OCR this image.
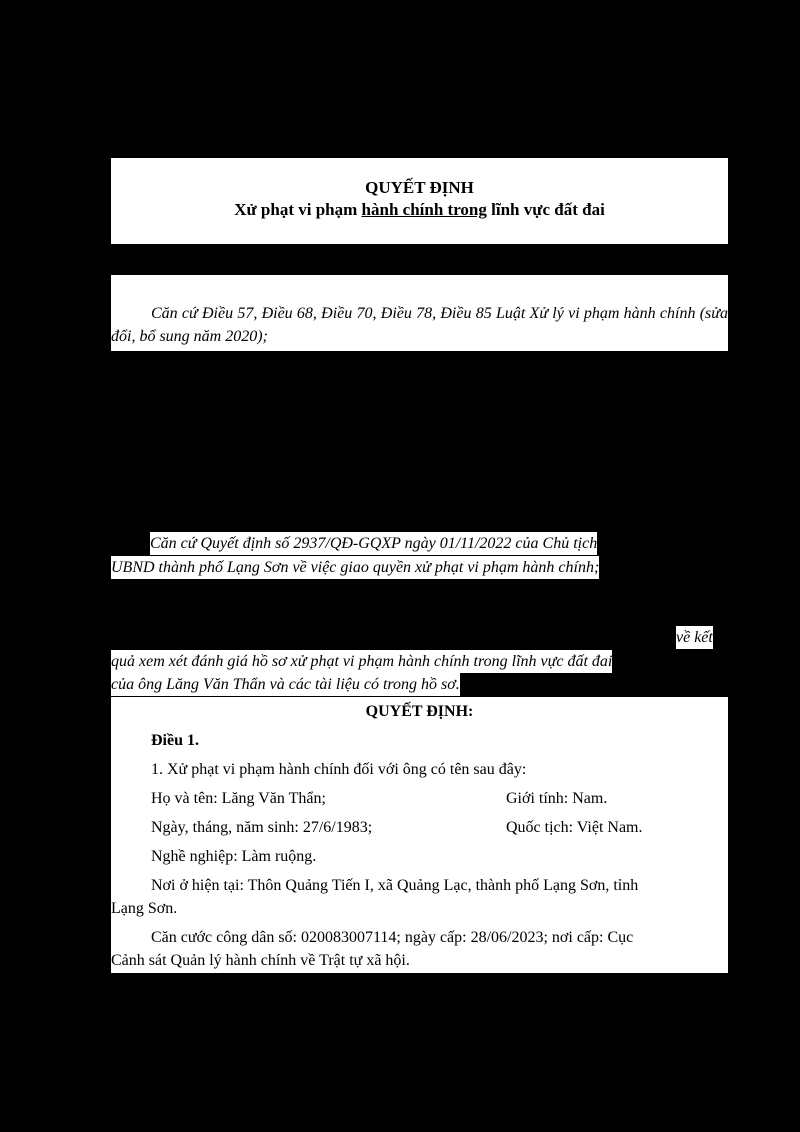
QUYẾT ĐỊNH
Xử phạt vi phạm hành chính trong lĩnh vực đất đai
Căn cứ Điều 57, Điều 68, Điều 70, Điều 78, Điều 85 Luật Xử lý vi phạm hành chính (sửa đổi, bổ sung năm 2020);
Căn cứ Quyết định số 2937/QĐ-GQXP ngày 01/11/2022 của Chủ tịch
UBND thành phố Lạng Sơn về việc giao quyền xử phạt vi phạm hành chính;
về kết
quả xem xét đánh giá hồ sơ xử phạt vi phạm hành chính trong lĩnh vực đất đai
của ông Lăng Văn Thẩn và các tài liệu có trong hồ sơ.
QUYẾT ĐỊNH:
Điều 1.
1. Xử phạt vi phạm hành chính đối với ông có tên sau đây:
Họ và tên: Lăng Văn Thẩn;	Giới tính: Nam.
Ngày, tháng, năm sinh: 27/6/1983;	Quốc tịch: Việt Nam.
Nghề nghiệp: Làm ruộng.
Nơi ở hiện tại: Thôn Quảng Tiến I, xã Quảng Lạc, thành phố Lạng Sơn, tỉnh
Lạng Sơn.
Căn cước công dân số: 020083007114; ngày cấp: 28/06/2023; nơi cấp: Cục
Cảnh sát Quản lý hành chính về Trật tự xã hội.
